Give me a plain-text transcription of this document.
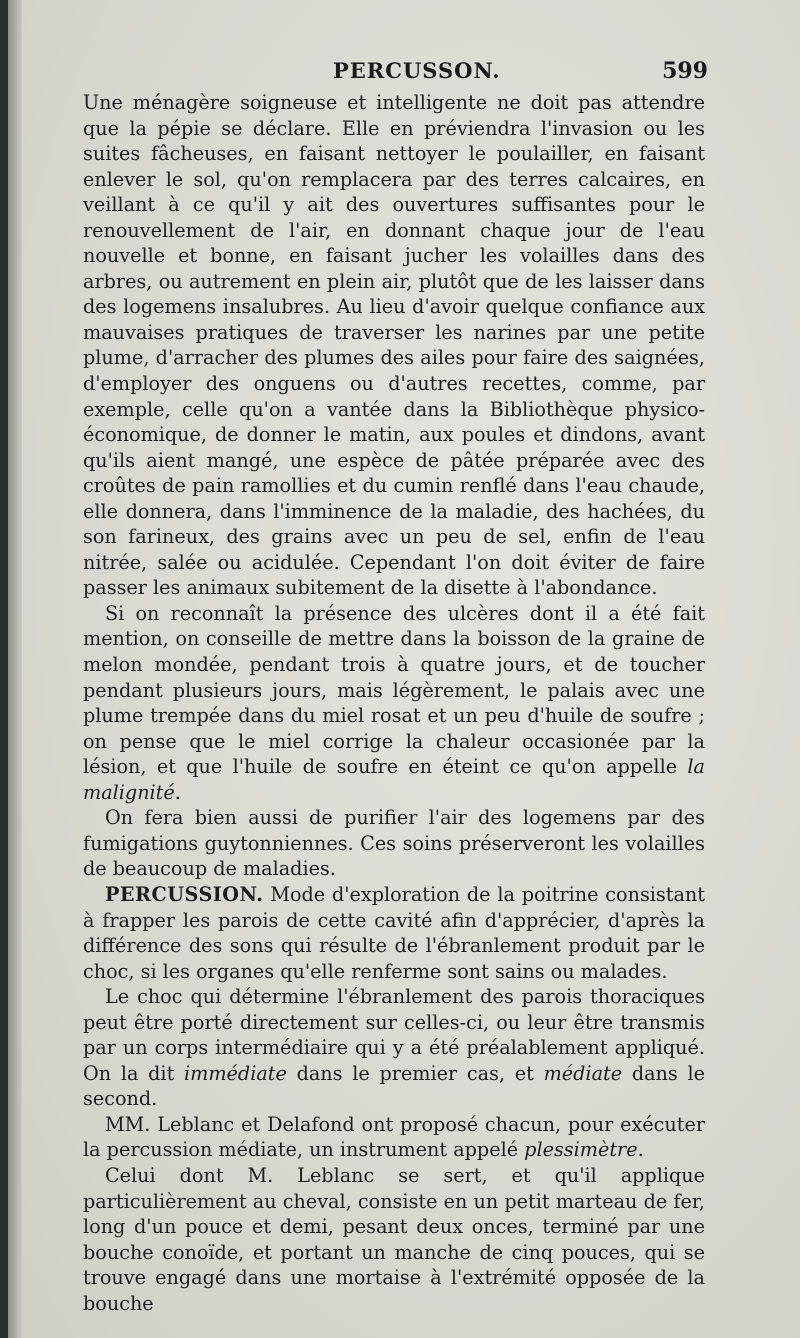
PERCUSSON.	599

Une ménagère soigneuse et intelligente ne doit pas attendre que la pépie se déclare. Elle en préviendra l'invasion ou les suites fâcheuses, en faisant nettoyer le poulailler, en faisant enlever le sol, qu'on remplacera par des terres calcaires, en veillant à ce qu'il y ait des ouvertures suffisantes pour le renouvellement de l'air, en donnant chaque jour de l'eau nouvelle et bonne, en faisant jucher les volailles dans des arbres, ou autrement en plein air, plutôt que de les laisser dans des logemens insalubres. Au lieu d'avoir quelque confiance aux mauvaises pratiques de traverser les narines par une petite plume, d'arracher des plumes des ailes pour faire des saignées, d'employer des onguens ou d'autres recettes, comme, par exemple, celle qu'on a vantée dans la Bibliothèque physico-économique, de donner le matin, aux poules et dindons, avant qu'ils aient mangé, une espèce de pâtée préparée avec des croûtes de pain ramollies et du cumin renflé dans l'eau chaude, elle donnera, dans l'imminence de la maladie, des hachées, du son farineux, des grains avec un peu de sel, enfin de l'eau nitrée, salée ou acidulée. Cependant l'on doit éviter de faire passer les animaux subitement de la disette à l'abondance.

Si on reconnaît la présence des ulcères dont il a été fait mention, on conseille de mettre dans la boisson de la graine de melon mondée, pendant trois à quatre jours, et de toucher pendant plusieurs jours, mais légèrement, le palais avec une plume trempée dans du miel rosat et un peu d'huile de soufre ; on pense que le miel corrige la chaleur occasionée par la lésion, et que l'huile de soufre en éteint ce qu'on appelle la malignité.

On fera bien aussi de purifier l'air des logemens par des fumigations guytonniennes. Ces soins préserveront les volailles de beaucoup de maladies.

PERCUSSION. Mode d'exploration de la poitrine consistant à frapper les parois de cette cavité afin d'apprécier, d'après la différence des sons qui résulte de l'ébranlement produit par le choc, si les organes qu'elle renferme sont sains ou malades.

Le choc qui détermine l'ébranlement des parois thoraciques peut être porté directement sur celles-ci, ou leur être transmis par un corps intermédiaire qui y a été préalablement appliqué. On la dit immédiate dans le premier cas, et médiate dans le second.

MM. Leblanc et Delafond ont proposé chacun, pour exécuter la percussion médiate, un instrument appelé plessimètre.

Celui dont M. Leblanc se sert, et qu'il applique particulièrement au cheval, consiste en un petit marteau de fer, long d'un pouce et demi, pesant deux onces, terminé par une bouche conoïde, et portant un manche de cinq pouces, qui se trouve engagé dans une mortaise à l'extrémité opposée de la bouche
